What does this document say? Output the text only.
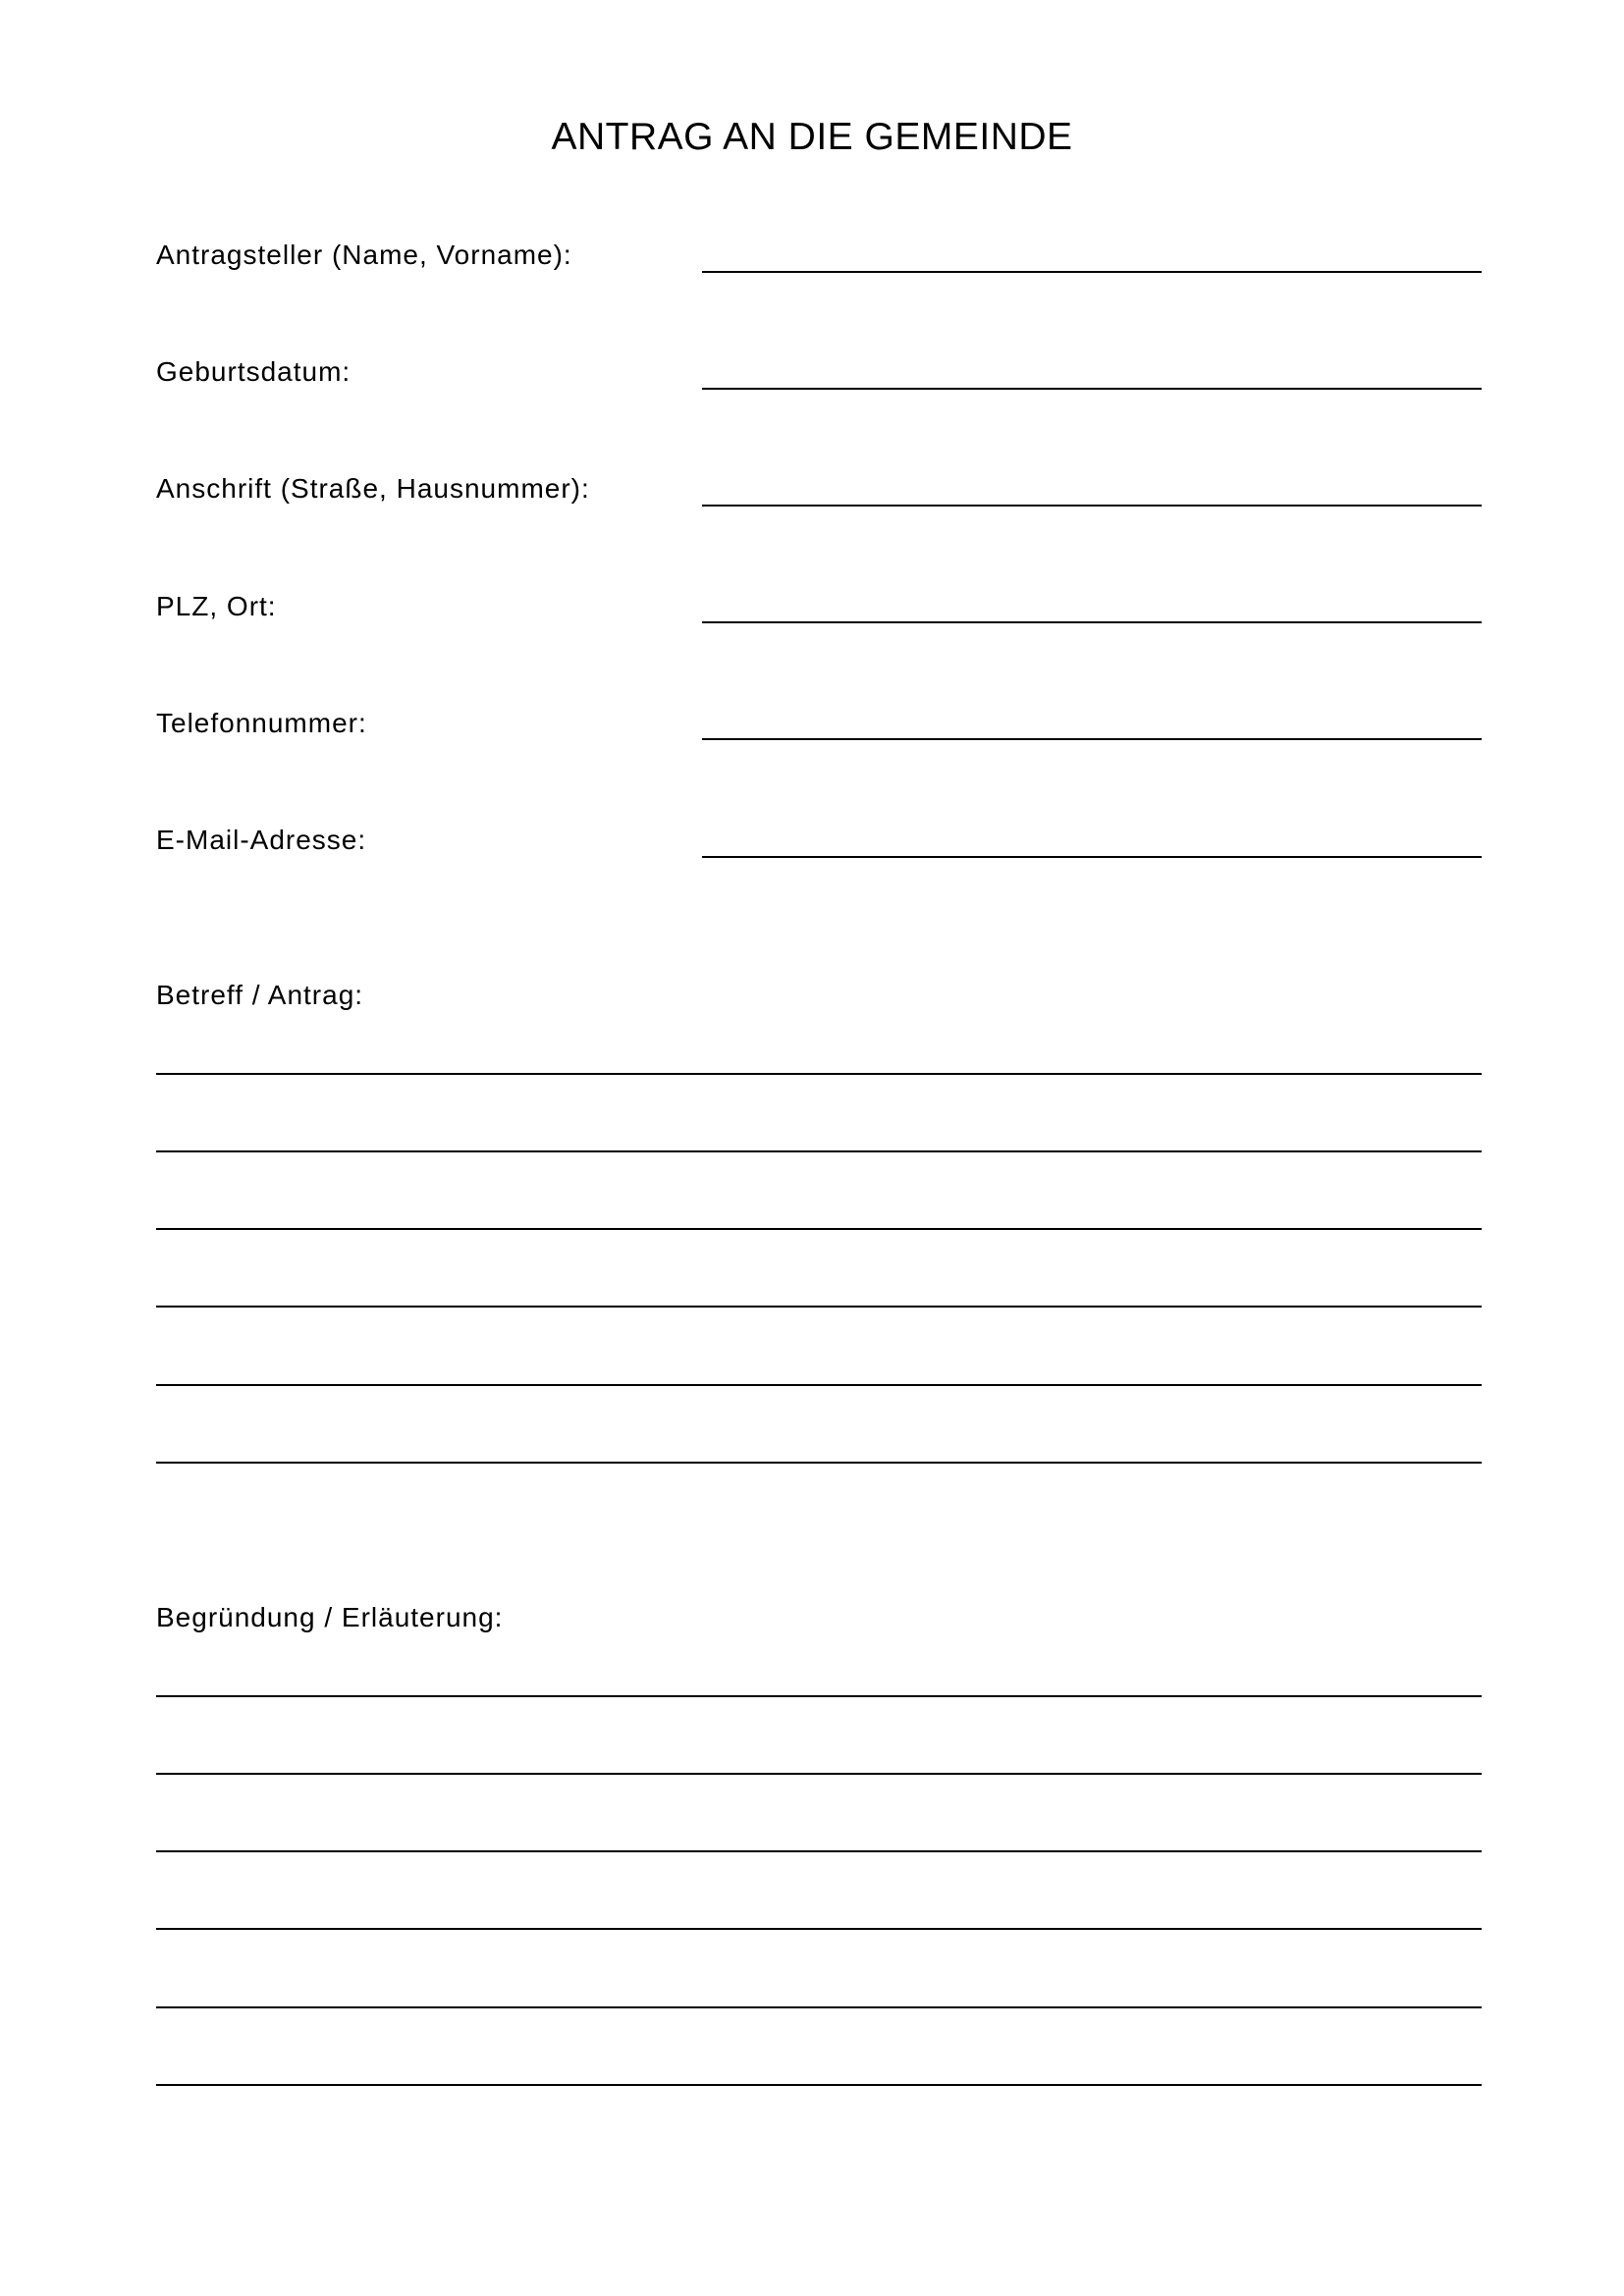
ANTRAG AN DIE GEMEINDE
Antragsteller (Name, Vorname):
Geburtsdatum:
Anschrift (Straße, Hausnummer):
PLZ, Ort:
Telefonnummer:
E-Mail-Adresse:
Betreff / Antrag:
Begründung / Erläuterung:
